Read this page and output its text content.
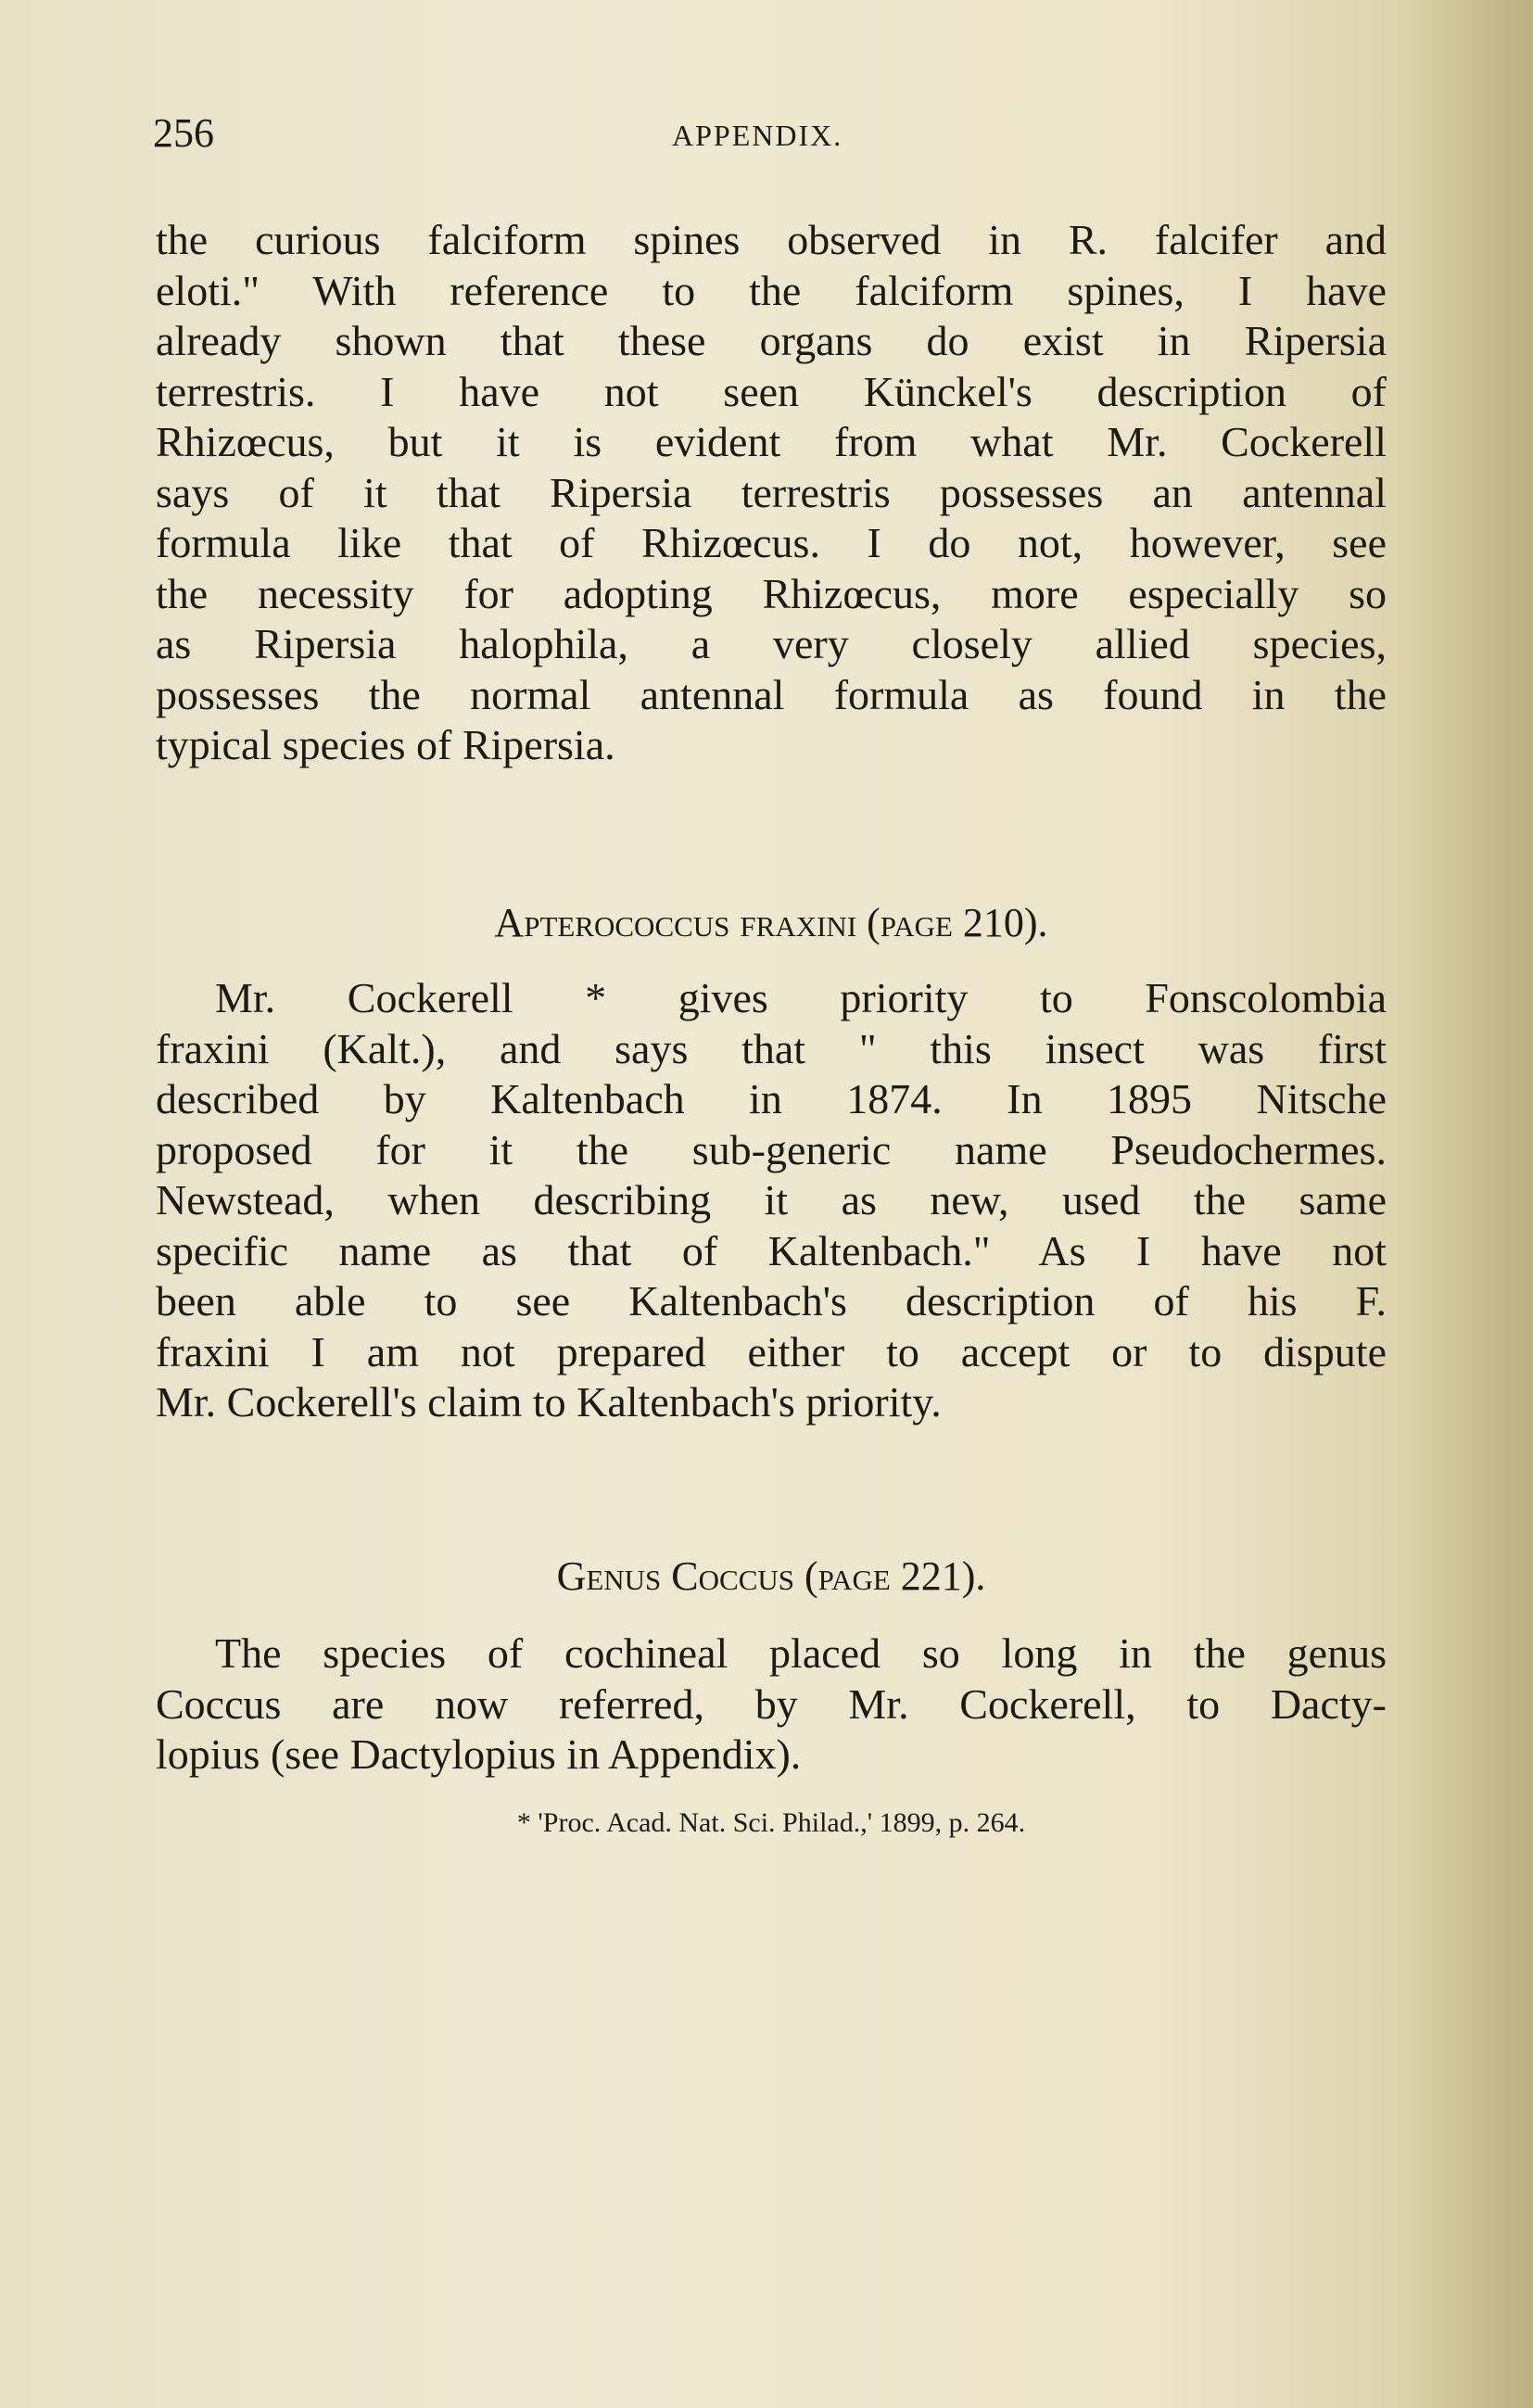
256	APPENDIX.
the curious falciform spines observed in R. falcifer and
eloti." With reference to the falciform spines, I have
already shown that these organs do exist in Ripersia
terrestris. I have not seen Künckel's description of
Rhizœcus, but it is evident from what Mr. Cockerell
says of it that Ripersia terrestris possesses an antennal
formula like that of Rhizœcus. I do not, however, see
the necessity for adopting Rhizœcus, more especially so
as Ripersia halophila, a very closely allied species,
possesses the normal antennal formula as found in the
typical species of Ripersia.
Apterococcus fraxini (page 210).
Mr. Cockerell * gives priority to Fonscolombia
fraxini (Kalt.), and says that " this insect was first
described by Kaltenbach in 1874. In 1895 Nitsche
proposed for it the sub-generic name Pseudochermes.
Newstead, when describing it as new, used the same
specific name as that of Kaltenbach." As I have not
been able to see Kaltenbach's description of his F.
fraxini I am not prepared either to accept or to dispute
Mr. Cockerell's claim to Kaltenbach's priority.
Genus Coccus (page 221).
The species of cochineal placed so long in the genus
Coccus are now referred, by Mr. Cockerell, to Dacty-
lopius (see Dactylopius in Appendix).
* 'Proc. Acad. Nat. Sci. Philad.,' 1899, p. 264.
